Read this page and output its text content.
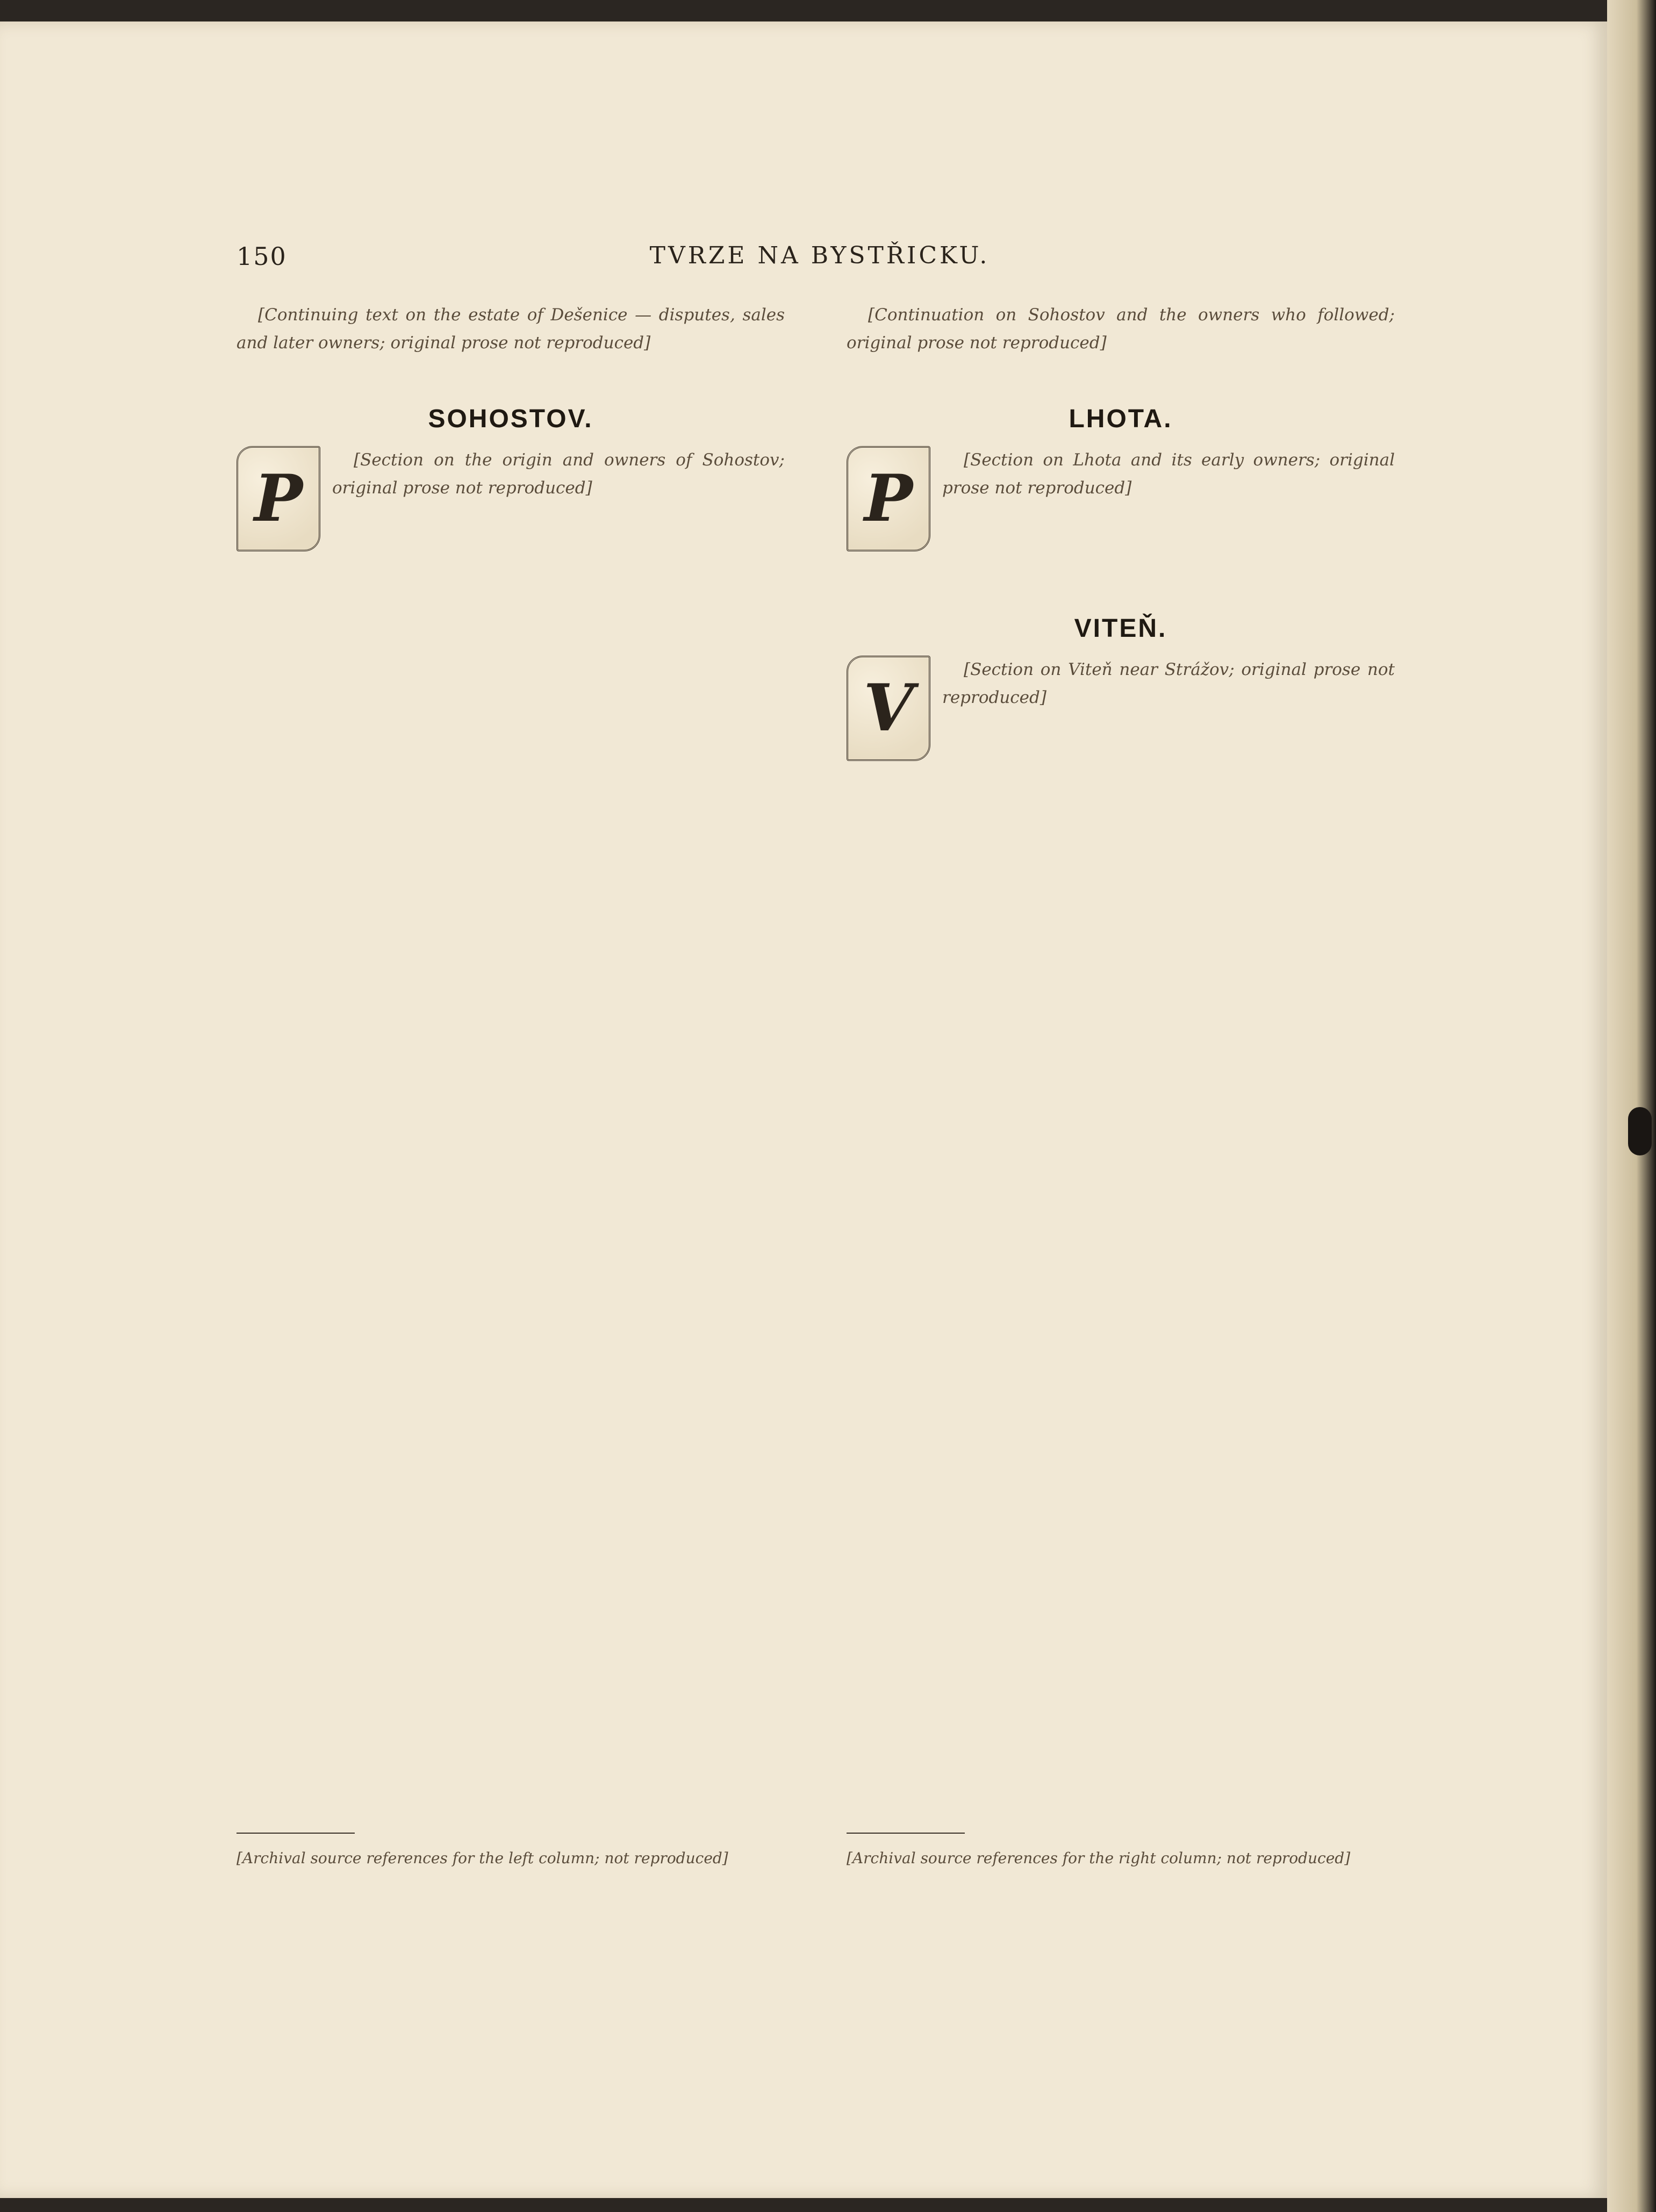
150	TVRZE NA BYSTŘICKU.

[Continuing text on the estate of Dešenice — disputes, sales and later owners; original prose not reproduced]

SOHOSTOV.
P

[Section on the origin and owners of Sohostov; original prose not reproduced]

[Continuation on Sohostov and the owners who followed; original prose not reproduced]

LHOTA.
P

[Section on Lhota and its early owners; original prose not reproduced]

VITEŇ.
V

[Section on Viteň near Strážov; original prose not reproduced]

[Archival source references for the left column; not reproduced]	[Archival source references for the right column; not reproduced]
